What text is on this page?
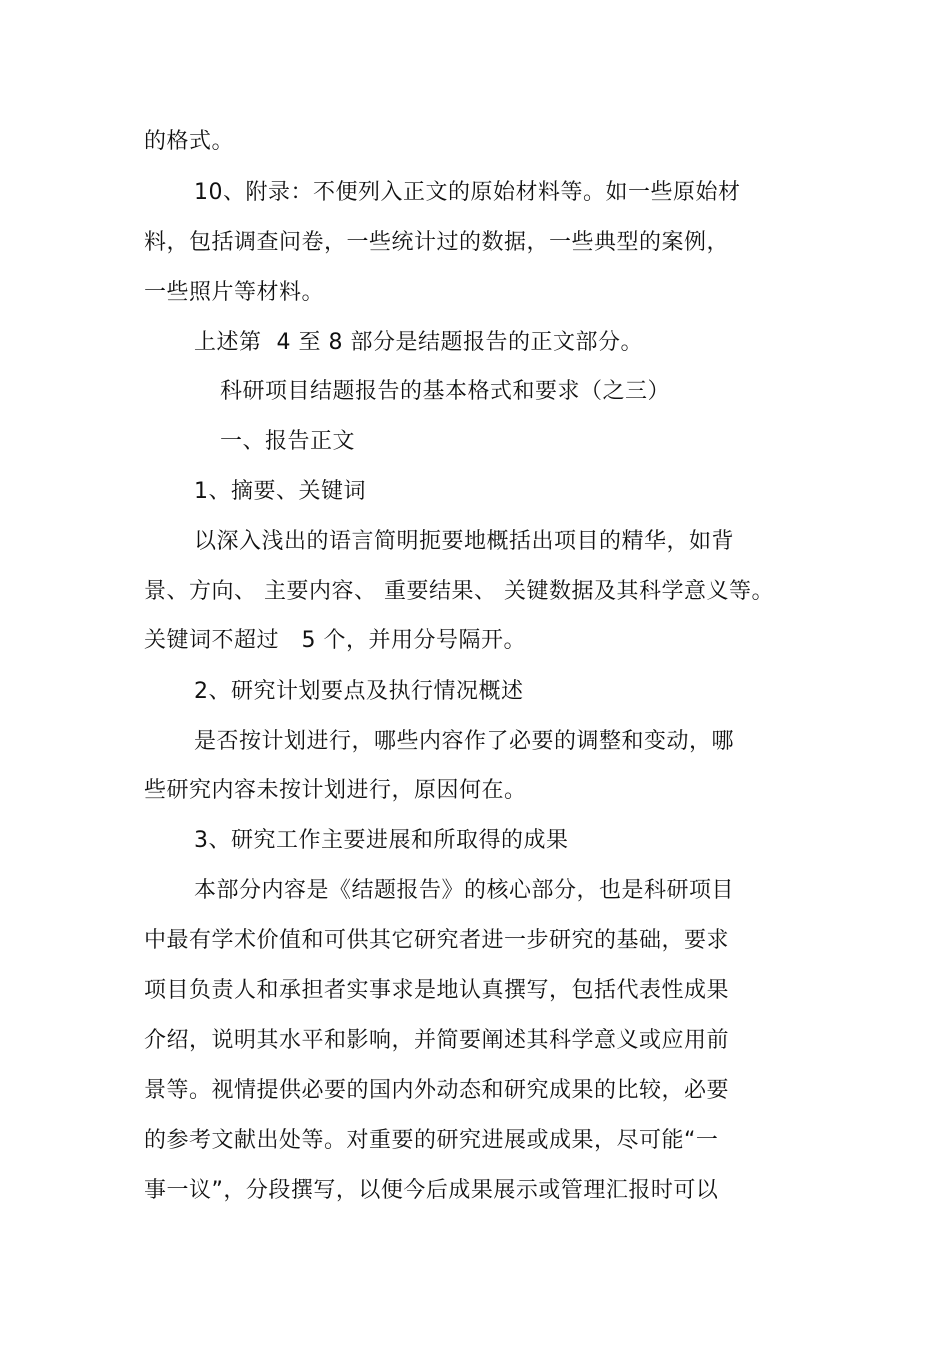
的格式。
10、附录：不便列入正文的原始材料等。如一些原始材
料，包括调查问卷，一些统计过的数据，一些典型的案例，
一些照片等材料。
上述第  4 至 8 部分是结题报告的正文部分。
科研项目结题报告的基本格式和要求（之三）
一、报告正文
1、摘要、关键词
以深入浅出的语言简明扼要地概括出项目的精华，如背
景、方向、 主要内容、 重要结果、 关键数据及其科学意义等。
关键词不超过   5 个，并用分号隔开。
2、研究计划要点及执行情况概述
是否按计划进行，哪些内容作了必要的调整和变动，哪
些研究内容未按计划进行，原因何在。
3、研究工作主要进展和所取得的成果
本部分内容是《结题报告》的核心部分，也是科研项目
中最有学术价值和可供其它研究者进一步研究的基础，要求
项目负责人和承担者实事求是地认真撰写，包括代表性成果
介绍，说明其水平和影响，并简要阐述其科学意义或应用前
景等。视情提供必要的国内外动态和研究成果的比较，必要
的参考文献出处等。对重要的研究进展或成果，尽可能“一
事一议”，分段撰写，以便今后成果展示或管理汇报时可以
